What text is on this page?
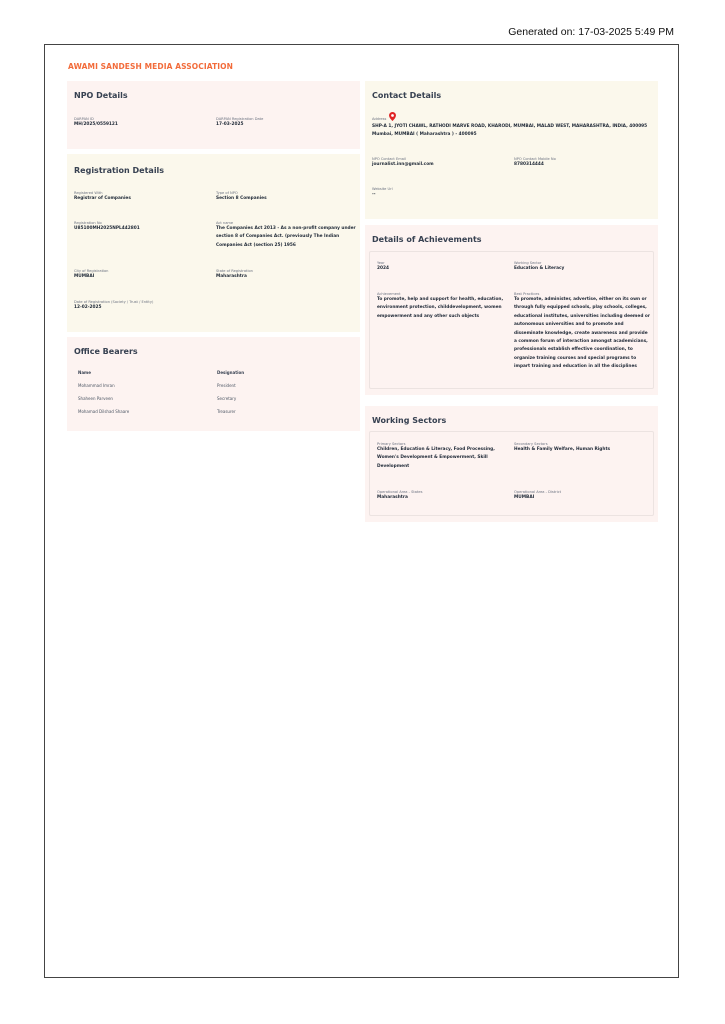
Generated on: 17-03-2025 5:49 PM
AWAMI SANDESH MEDIA ASSOCIATION
NPO Details
DARPAN ID
MH/2025/0559121
DARPAN Registration Date
17-03-2025
Registration Details
Registered With
Registrar of Companies
Type of NPO
Section 8 Companies
Registration No
U85100MH2025NPL442801
Act name
The Companies Act 2013 - As a non-profit company under section 8 of Companies Act. (previously The Indian Companies Act (section 25) 1956
City of Registration
MUMBAI
State of Registration
Maharashtra
Date of Registration (Society / Trust / Entity)
12-02-2025
Office Bearers
Name	Designation
Mohammad Imran	President
Shaheen Parveen	Secretary
Mohamad Dilshad Shaare	Treasurer
Contact Details
Address
SHP-A 1, JYOTI CHAWL, RATHODI MARVE ROAD, KHARODI, MUMBAI, MALAD WEST, MAHARASHTRA, INDIA, 400095 Mumbai, MUMBAI ( Maharashtra ) - 400095
NPO Contact Email
journalist.inn@gmail.com
NPO Contact Mobile No
8780314444
Website Url
--
Details of Achievements
Year
2024
Working Sector
Education & Literacy
Achievement
To promote, help and support for health, education, environment protection, childdevelopment, women empowerment and any other such objects
Best Practices
To promote, administer, advertise, either on its own or through fully equipped schools, play schools, colleges, educational institutes, universities including deemed or autonomous universities and to promote and disseminate knowledge, create awareness and provide a common forum of interaction amongst academicians, professionals establish effective coordination, to organize training courses and special programs to impart training and education in all the disciplines
Working Sectors
Primary Sectors
Children, Education & Literacy, Food Processing, Women's Development & Empowerment, Skill Development
Secondary Sectors
Health & Family Welfare, Human Rights
Operational Area - States
Maharashtra
Operational Area - District
MUMBAI
